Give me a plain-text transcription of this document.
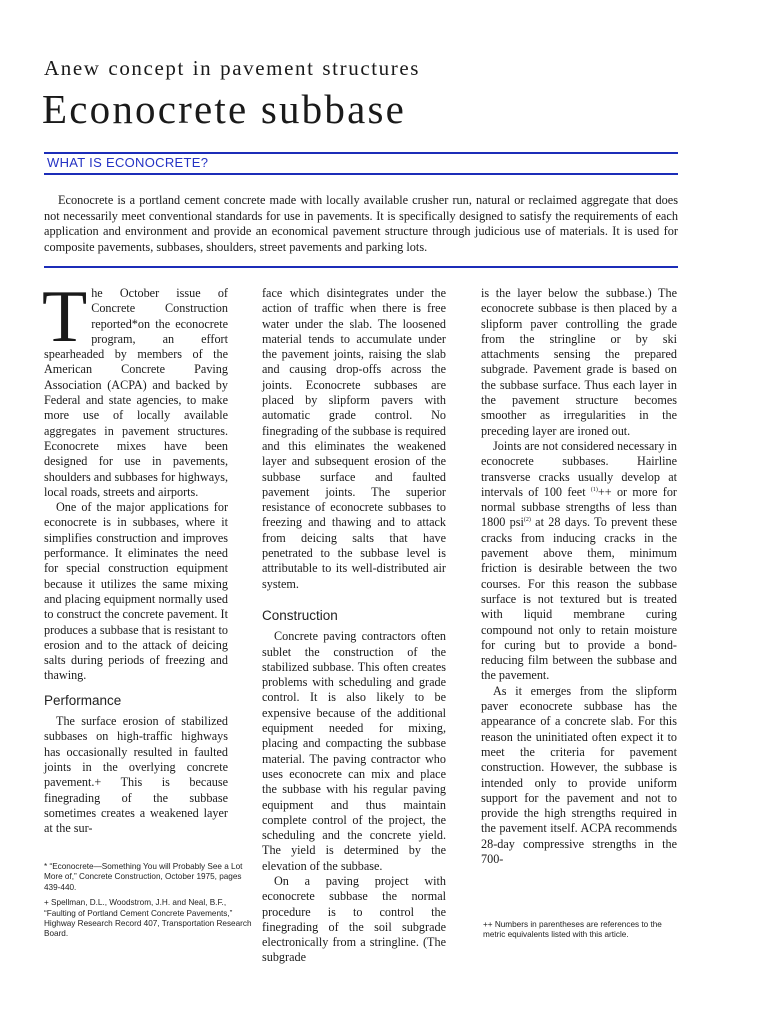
Anew concept in pavement structures
Econocrete subbase
WHAT IS ECONOCRETE?

Econocrete is a portland cement concrete made with locally available crusher run, natural or reclaimed aggregate that does not necessarily meet conventional standards for use in pavements. It is specifically designed to satisfy the requirements of each application and environment and provide an economical pavement structure through judicious use of materials. It is used for composite pavements, subbases, shoulders, street pavements and parking lots.

T he October issue of Concrete Construction reported*on the econocrete program, an effort spearheaded by members of the American Concrete Paving Association (ACPA) and backed by Federal and state agencies, to make more use of locally available aggregates in pavement structures. Econocrete mixes have been designed for use in pavements, shoulders and subbases for highways, local roads, streets and airports.

One of the major applications for econocrete is in subbases, where it simplifies construction and improves performance. It eliminates the need for special construction equipment because it utilizes the same mixing and placing equipment normally used to construct the concrete pavement. It produces a subbase that is resistant to erosion and to the attack of deicing salts during periods of freezing and thawing.

Performance

The surface erosion of stabilized subbases on high-traffic highways has occasionally resulted in faulted joints in the overlying concrete pavement.+ This is because finegrading of the subbase sometimes creates a weakened layer at the sur-

face which disintegrates under the action of traffic when there is free water under the slab. The loosened material tends to accumulate under the pavement joints, raising the slab and causing drop-offs across the joints. Econocrete subbases are placed by slipform pavers with automatic grade control. No finegrading of the subbase is required and this eliminates the weakened layer and subsequent erosion of the subbase surface and faulted pavement joints. The superior resistance of econocrete subbases to freezing and thawing and to attack from deicing salts that have penetrated to the subbase level is attributable to its well-distributed air system.

Construction

Concrete paving contractors often sublet the construction of the stabilized subbase. This often creates problems with scheduling and grade control. It is also likely to be expensive because of the additional equipment needed for mixing, placing and compacting the subbase material. The paving contractor who uses econocrete can mix and place the subbase with his regular paving equipment and thus maintain complete control of the project, the scheduling and the concrete yield. The yield is determined by the elevation of the subbase.

On a paving project with econocrete subbase the normal procedure is to control the finegrading of the soil subgrade electronically from a stringline. (The subgrade

is the layer below the subbase.) The econocrete subbase is then placed by a slipform paver controlling the grade from the stringline or by ski attachments sensing the prepared subgrade. Pavement grade is based on the subbase surface. Thus each layer in the pavement structure becomes smoother as irregularities in the preceding layer are ironed out.

Joints are not considered necessary in econocrete subbases. Hairline transverse cracks usually develop at intervals of 100 feet $^{(1)}$++ or more for normal subbase strengths of less than 1800 psi$^{(2)}$ at 28 days. To prevent these cracks from inducing cracks in the pavement above them, minimum friction is desirable between the two courses. For this reason the subbase surface is not textured but is treated with liquid membrane curing compound not only to retain moisture for curing but to provide a bond-reducing film between the subbase and the pavement.

As it emerges from the slipform paver econocrete subbase has the appearance of a concrete slab. For this reason the uninitiated often expect it to meet the criteria for pavement construction. However, the subbase is intended only to provide uniform support for the pavement and not to provide the high strengths required in the pavement itself. ACPA recommends 28-day compressive strengths in the 700-

* “Econocrete—Something You will Probably See a Lot More of,” Concrete Construction, October 1975, pages 439-440.

+ Spellman, D.L., Woodstrom, J.H. and Neal, B.F., “Faulting of Portland Cement Concrete Pavements,” Highway Research Record 407, Transportation Research Board.

++ Numbers in parentheses are references to the metric equivalents listed with this article.
